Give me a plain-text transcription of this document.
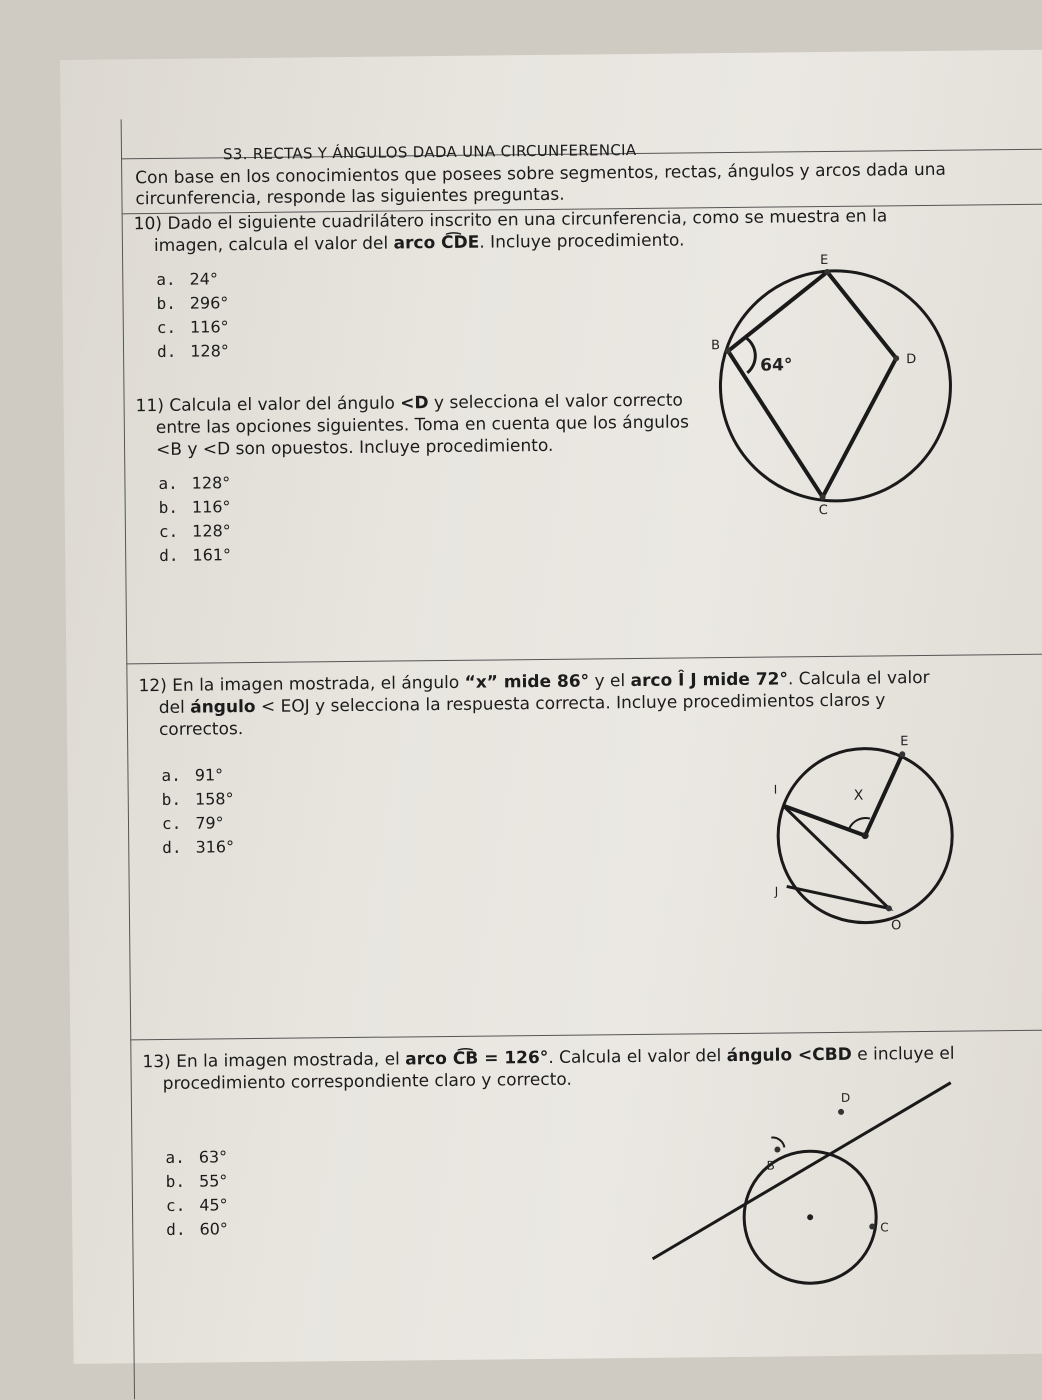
S3. RECTAS Y ÁNGULOS DADA UNA CIRCUNFERENCIA
Con base en los conocimientos que posees sobre segmentos, rectas, ángulos y arcos dada una
circunferencia, responde las siguientes preguntas.
10) Dado el siguiente cuadrilátero inscrito en una circunferencia, como se muestra en la
imagen, calcula el valor del arco C͡DE. Incluye procedimiento.
a. 24°
b. 296°
c. 116°
d. 128°
E
B
D
C
64°
11) Calcula el valor del ángulo <D y selecciona el valor correcto
entre las opciones siguientes. Toma en cuenta que los ángulos
<B y <D son opuestos. Incluye procedimiento.
a. 128°
b. 116°
c. 128°
d. 161°
12) En la imagen mostrada, el ángulo “x” mide 86° y el arco Î J mide 72°. Calcula el valor
del ángulo < EOJ y selecciona la respuesta correcta. Incluye procedimientos claros y
correctos.
a. 91°
b. 158°
c. 79°
d. 316°
E
I	X
J
O
13) En la imagen mostrada, el arco C͡B = 126°. Calcula el valor del ángulo <CBD e incluye el
procedimiento correspondiente claro y correcto.
a. 63°
b. 55°
c. 45°
d. 60°
D
B
C
